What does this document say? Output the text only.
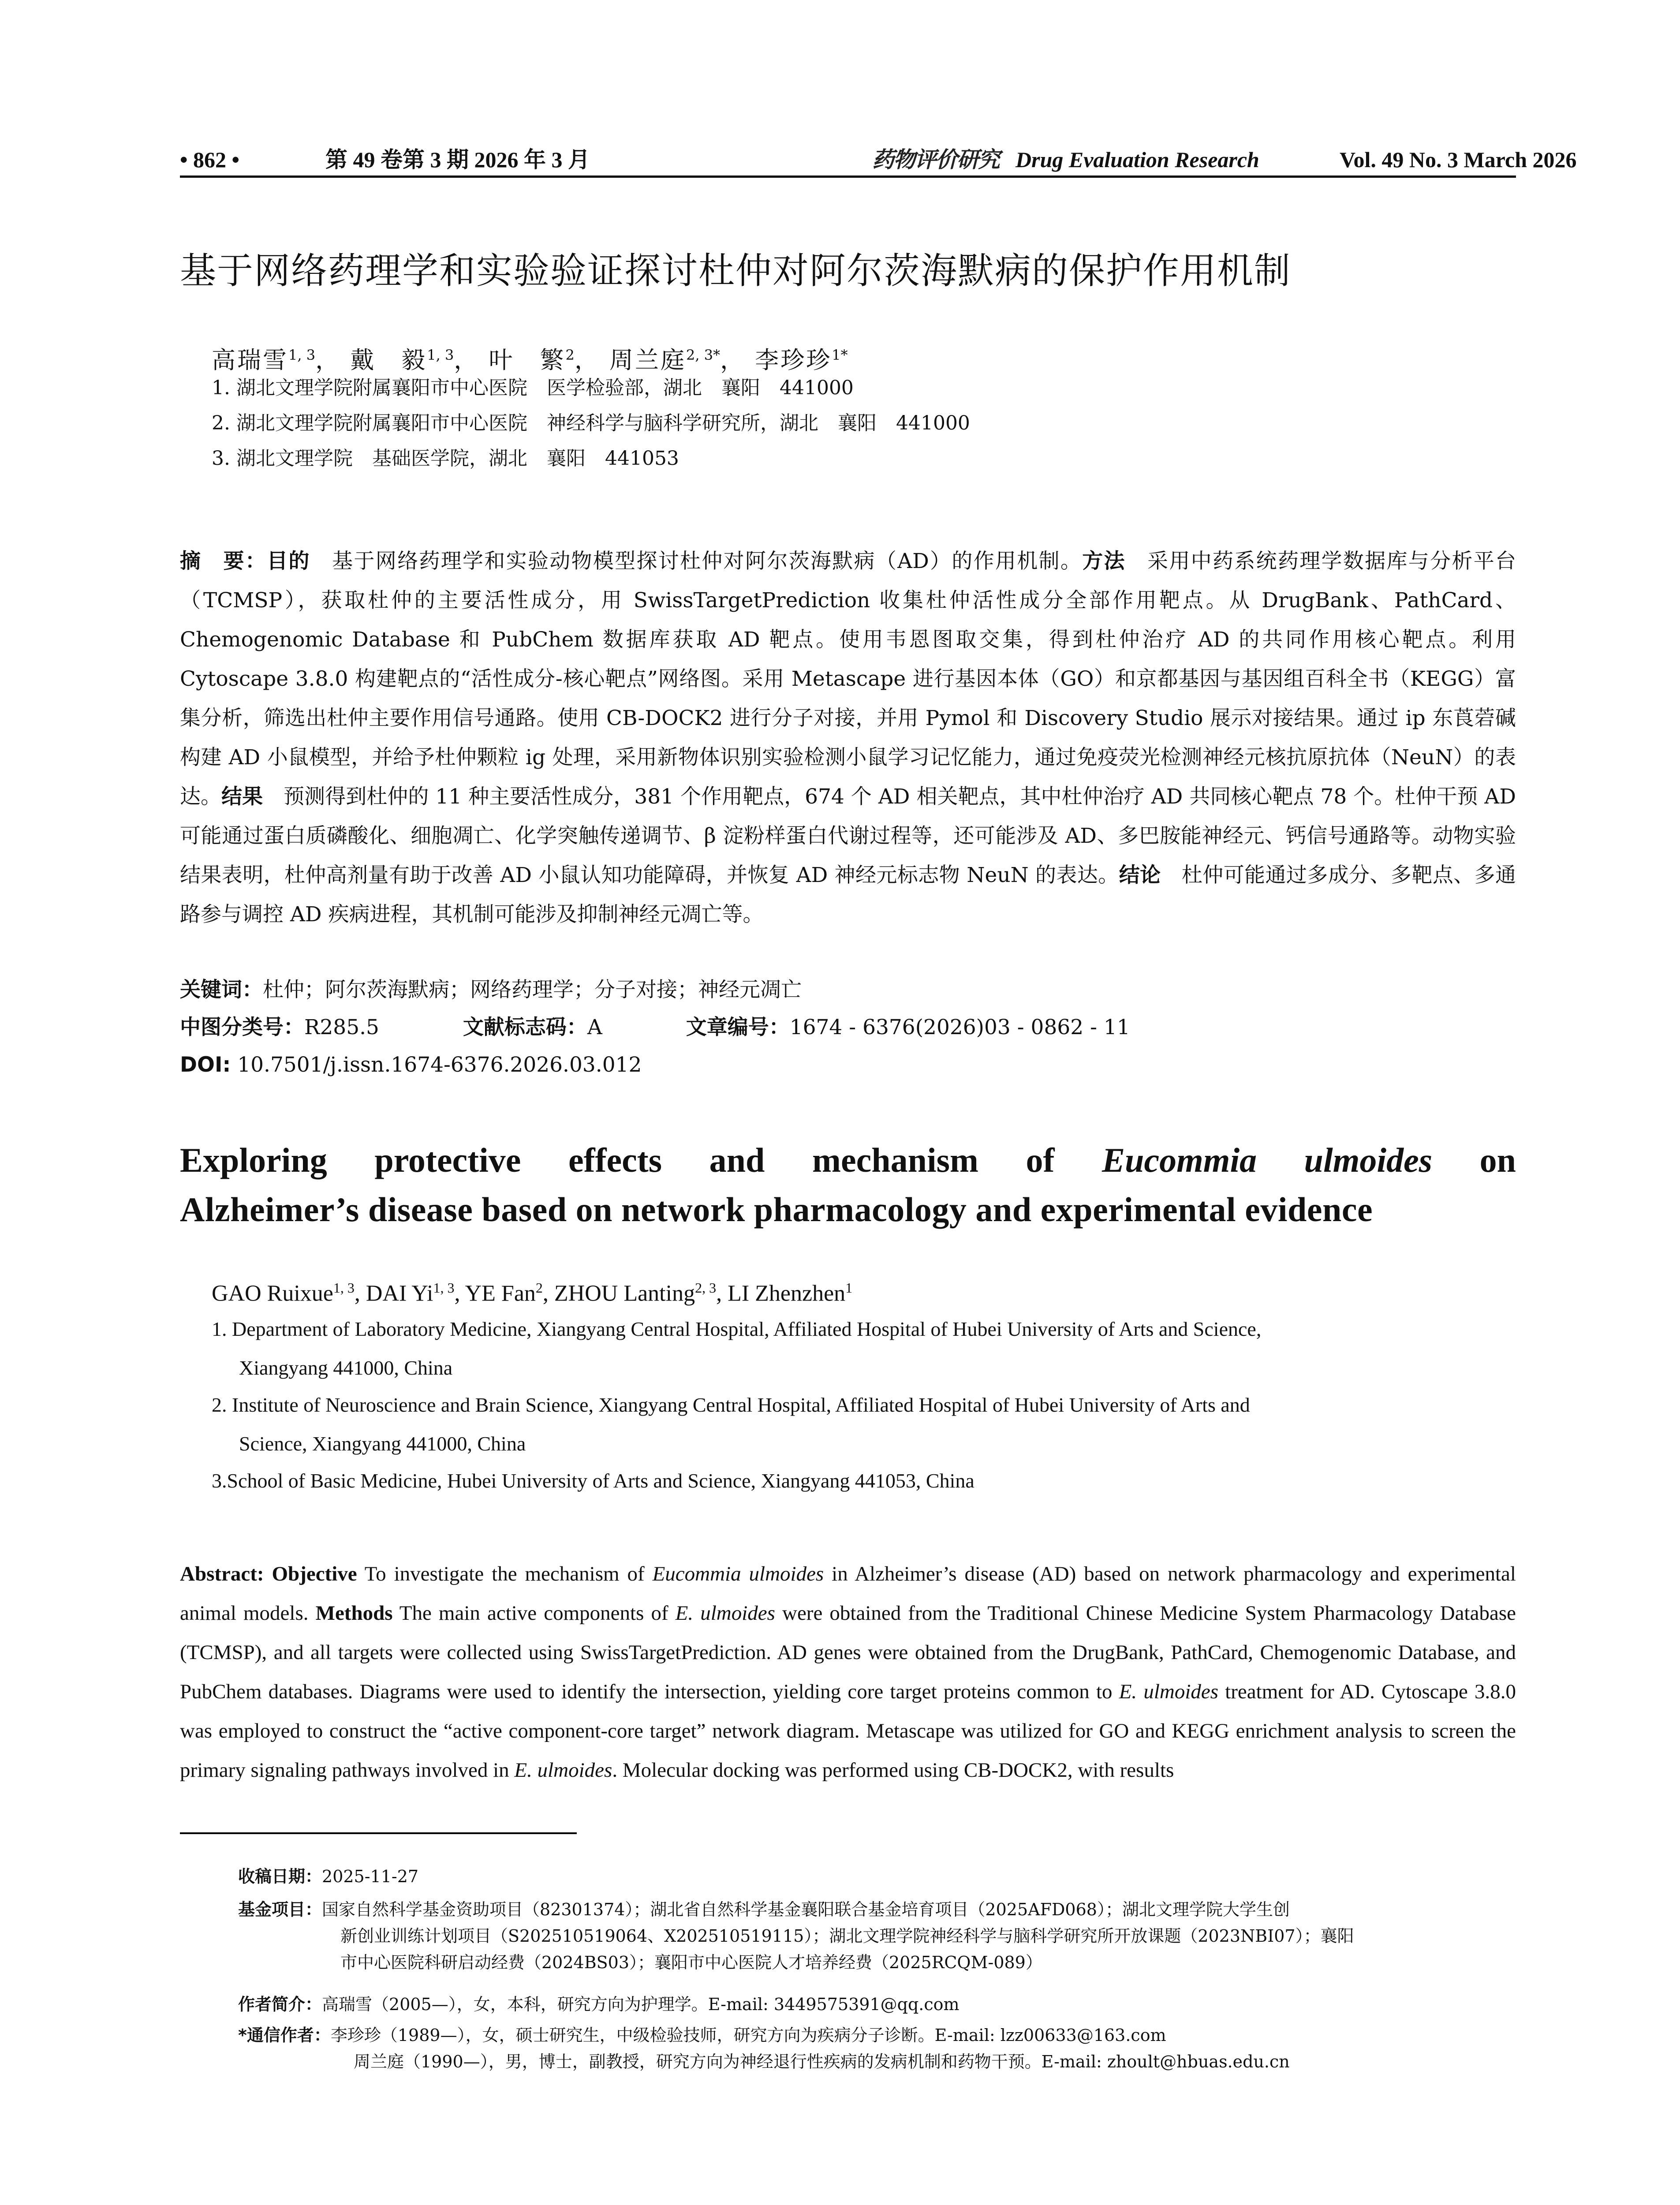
• 862 •	第 49 卷第 3 期 2026 年 3 月	药物评价研究 Drug Evaluation Research	Vol. 49 No. 3 March 2026
基于网络药理学和实验验证探讨杜仲对阿尔茨海默病的保护作用机制
高瑞雪$^{1, 3}$， 戴　毅$^{1, 3}$， 叶　繁$^2$， 周兰庭$^{2, 3*}$， 李珍珍$^{1*}$
1. 湖北文理学院附属襄阳市中心医院　医学检验部，湖北　襄阳　441000
2. 湖北文理学院附属襄阳市中心医院　神经科学与脑科学研究所，湖北　襄阳　441000
3. 湖北文理学院　基础医学院，湖北　襄阳　441053
摘　要：目的　基于网络药理学和实验动物模型探讨杜仲对阿尔茨海默病（AD）的作用机制。方法　采用中药系统药理学数据库与分析平台（TCMSP），获取杜仲的主要活性成分，用 SwissTargetPrediction 收集杜仲活性成分全部作用靶点。从 DrugBank、PathCard、Chemogenomic Database 和 PubChem 数据库获取 AD 靶点。使用韦恩图取交集，得到杜仲治疗 AD 的共同作用核心靶点。利用 Cytoscape 3.8.0 构建靶点的“活性成分-核心靶点”网络图。采用 Metascape 进行基因本体（GO）和京都基因与基因组百科全书（KEGG）富集分析，筛选出杜仲主要作用信号通路。使用 CB-DOCK2 进行分子对接，并用 Pymol 和 Discovery Studio 展示对接结果。通过 ip 东莨菪碱构建 AD 小鼠模型，并给予杜仲颗粒 ig 处理，采用新物体识别实验检测小鼠学习记忆能力，通过免疫荧光检测神经元核抗原抗体（NeuN）的表达。结果　预测得到杜仲的 11 种主要活性成分，381 个作用靶点，674 个 AD 相关靶点，其中杜仲治疗 AD 共同核心靶点 78 个。杜仲干预 AD 可能通过蛋白质磷酸化、细胞凋亡、化学突触传递调节、β 淀粉样蛋白代谢过程等，还可能涉及 AD、多巴胺能神经元、钙信号通路等。动物实验结果表明，杜仲高剂量有助于改善 AD 小鼠认知功能障碍，并恢复 AD 神经元标志物 NeuN 的表达。结论　杜仲可能通过多成分、多靶点、多通路参与调控 AD 疾病进程，其机制可能涉及抑制神经元凋亡等。
关键词：杜仲；阿尔茨海默病；网络药理学；分子对接；神经元凋亡
中图分类号：R285.5	文献标志码：A	文章编号：1674 - 6376(2026)03 - 0862 - 11
DOI: 10.7501/j.issn.1674-6376.2026.03.012
Exploring protective effects and mechanism of Eucommia ulmoides on
Alzheimer’s disease based on network pharmacology and experimental evidence
GAO Ruixue$^{1, 3}$, DAI Yi$^{1, 3}$, YE Fan$^2$, ZHOU Lanting$^{2, 3}$, LI Zhenzhen$^1$
1. Department of Laboratory Medicine, Xiangyang Central Hospital, Affiliated Hospital of Hubei University of Arts and Science,
Xiangyang 441000, China
2. Institute of Neuroscience and Brain Science, Xiangyang Central Hospital, Affiliated Hospital of Hubei University of Arts and
Science, Xiangyang 441000, China
3.School of Basic Medicine, Hubei University of Arts and Science, Xiangyang 441053, China
Abstract: Objective To investigate the mechanism of Eucommia ulmoides in Alzheimer’s disease (AD) based on network pharmacology and experimental animal models. Methods The main active components of E. ulmoides were obtained from the Traditional Chinese Medicine System Pharmacology Database (TCMSP), and all targets were collected using SwissTargetPrediction. AD genes were obtained from the DrugBank, PathCard, Chemogenomic Database, and PubChem databases. Diagrams were used to identify the intersection, yielding core target proteins common to E. ulmoides treatment for AD. Cytoscape 3.8.0 was employed to construct the “active component-core target” network diagram. Metascape was utilized for GO and KEGG enrichment analysis to screen the primary signaling pathways involved in E. ulmoides. Molecular docking was performed using CB-DOCK2, with results
收稿日期：2025-11-27
基金项目：国家自然科学基金资助项目（82301374）；湖北省自然科学基金襄阳联合基金培育项目（2025AFD068）；湖北文理学院大学生创
新创业训练计划项目（S202510519064、X202510519115）；湖北文理学院神经科学与脑科学研究所开放课题（2023NBI07）；襄阳
市中心医院科研启动经费（2024BS03）；襄阳市中心医院人才培养经费（2025RCQM-089）
作者简介：高瑞雪（2005—），女，本科，研究方向为护理学。E-mail: 3449575391@qq.com
*通信作者：李珍珍（1989—），女，硕士研究生，中级检验技师，研究方向为疾病分子诊断。E-mail: lzz00633@163.com
周兰庭（1990—），男，博士，副教授，研究方向为神经退行性疾病的发病机制和药物干预。E-mail: zhoult@hbuas.edu.cn
